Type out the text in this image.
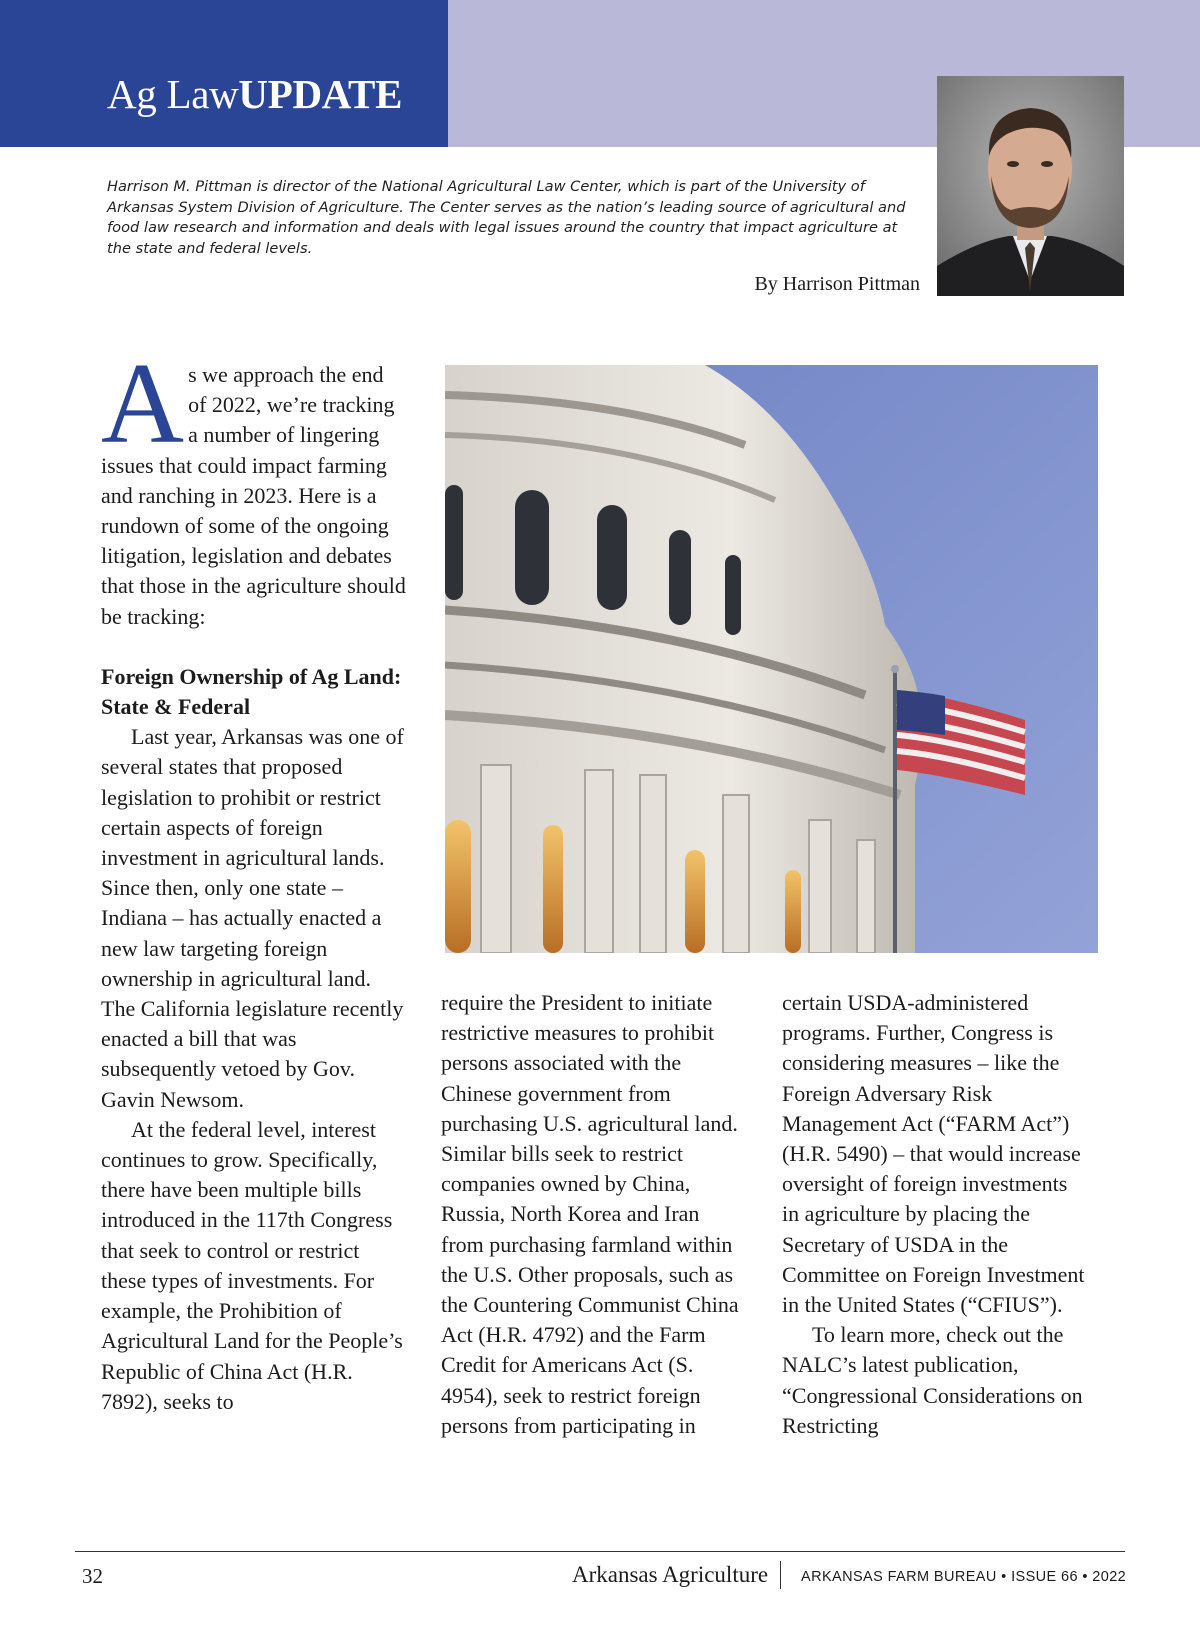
Ag LawUPDATE

Harrison M. Pittman is director of the National Agricultural Law Center, which is part of the University of Arkansas System Division of Agriculture. The Center serves as the nation’s leading source of agricultural and food law research and information and deals with legal issues around the country that impact agriculture at the state and federal levels.

By Harrison Pittman

As we approach the end of 2022, we’re tracking a number of lingering issues that could impact farming and ranching in 2023. Here is a rundown of some of the ongoing litigation, legislation and debates that those in the agriculture should be tracking:

Foreign Ownership of Ag Land: State & Federal

Last year, Arkansas was one of several states that proposed legislation to prohibit or restrict certain aspects of foreign investment in agricultural lands. Since then, only one state – Indiana – has actually enacted a new law targeting foreign ownership in agricultural land. The California legislature recently enacted a bill that was subsequently vetoed by Gov. Gavin Newsom.

At the federal level, interest continues to grow. Specifically, there have been multiple bills introduced in the 117th Congress that seek to control or restrict these types of investments. For example, the Prohibition of Agricultural Land for the People’s Republic of China Act (H.R. 7892), seeks to

require the President to initiate restrictive measures to prohibit persons associated with the Chinese government from purchasing U.S. agricultural land. Similar bills seek to restrict companies owned by China, Russia, North Korea and Iran from purchasing farmland within the U.S. Other proposals, such as the Countering Communist China Act (H.R. 4792) and the Farm Credit for Americans Act (S. 4954), seek to restrict foreign persons from participating in

certain USDA-administered programs. Further, Congress is considering measures – like the Foreign Adversary Risk Management Act (“FARM Act”) (H.R. 5490) – that would increase oversight of foreign investments in agriculture by placing the Secretary of USDA in the Committee on Foreign Investment in the United States (“CFIUS”).

To learn more, check out the NALC’s latest publication, “Congressional Considerations on Restricting

32	Arkansas Agriculture ARKANSAS FARM BUREAU • ISSUE 66 • 2022
